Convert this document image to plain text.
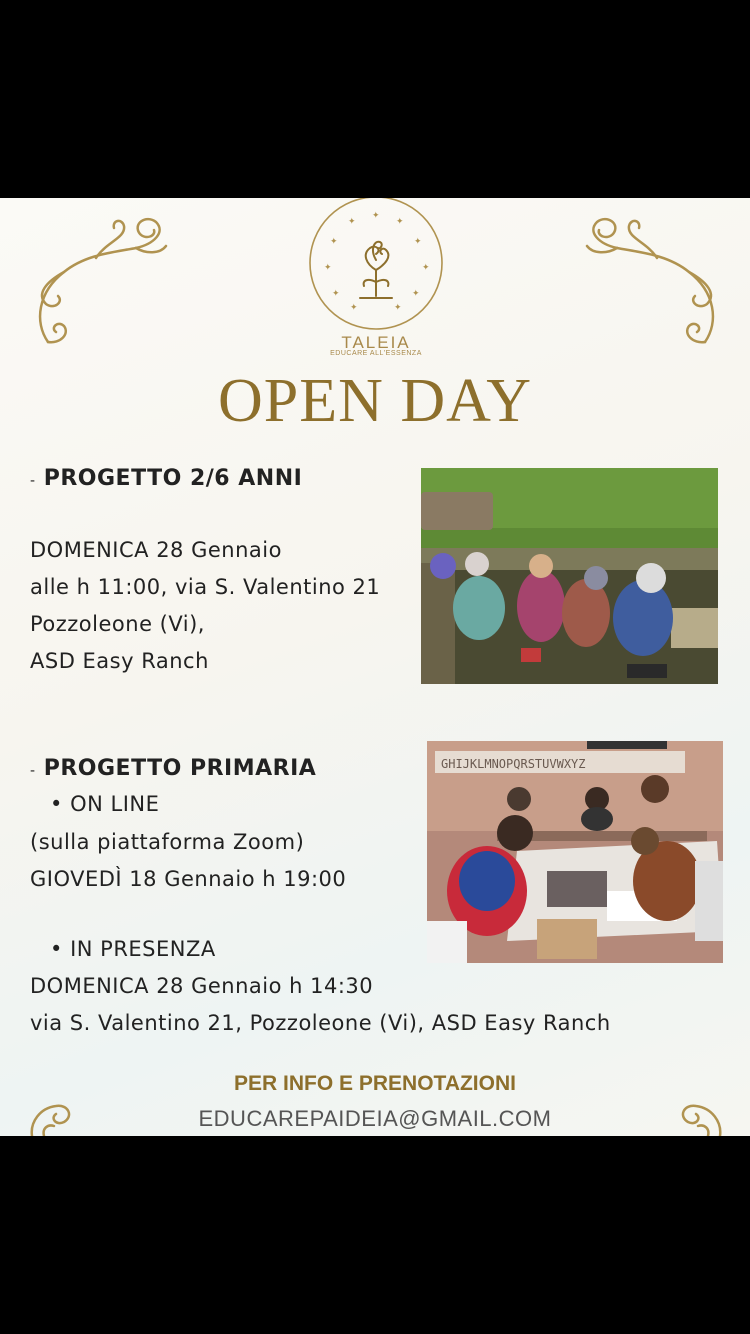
✦
✦	✦
✦	✦
✦	✦
✦	✦
✦	✦
TALEIA
EDUCARE ALL'ESSENZA
OPEN DAY
- PROGETTO 2/6 ANNI
DOMENICA 28 Gennaio
alle h 11:00, via S. Valentino 21
Pozzoleone (Vi),
ASD Easy Ranch
- PROGETTO PRIMARIA
• ON LINE
(sulla piattaforma Zoom)
GIOVEDÌ 18 Gennaio h 19:00
• IN PRESENZA
DOMENICA 28 Gennaio h 14:30
via S. Valentino 21, Pozzoleone (Vi), ASD Easy Ranch
GHIJKLMNOPQRSTUVWXYZ
PER INFO E PRENOTAZIONI
EDUCAREPAIDEIA@GMAIL.COM
